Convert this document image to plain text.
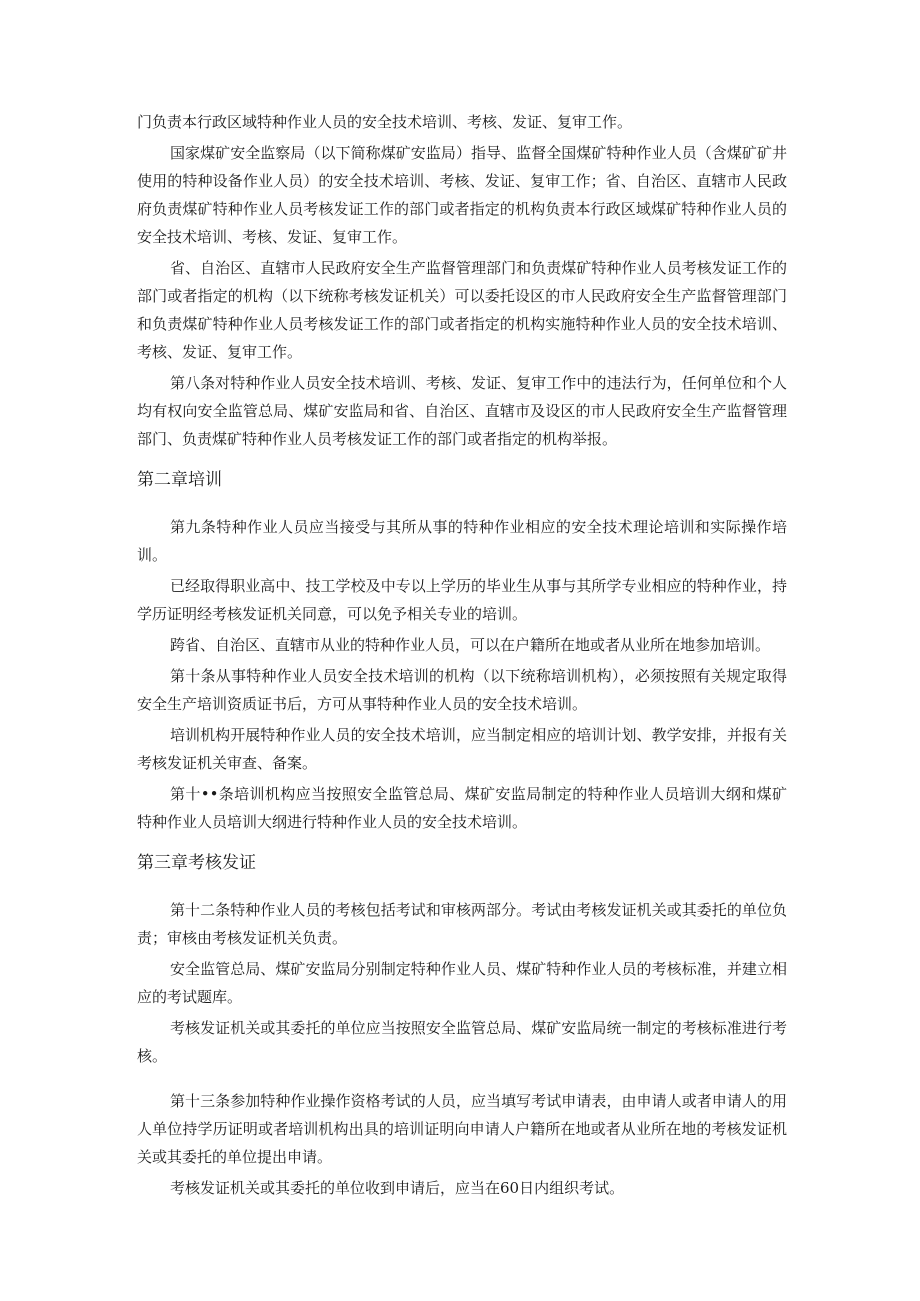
门负责本行政区域特种作业人员的安全技术培训、考核、发证、复审工作。

国家煤矿安全监察局（以下简称煤矿安监局）指导、监督全国煤矿特种作业人员（含煤矿矿井使用的特种设备作业人员）的安全技术培训、考核、发证、复审工作；省、自治区、直辖市人民政府负责煤矿特种作业人员考核发证工作的部门或者指定的机构负责本行政区域煤矿特种作业人员的安全技术培训、考核、发证、复审工作。

省、自治区、直辖市人民政府安全生产监督管理部门和负责煤矿特种作业人员考核发证工作的部门或者指定的机构（以下统称考核发证机关）可以委托设区的市人民政府安全生产监督管理部门和负责煤矿特种作业人员考核发证工作的部门或者指定的机构实施特种作业人员的安全技术培训、考核、发证、复审工作。

第八条对特种作业人员安全技术培训、考核、发证、复审工作中的违法行为，任何单位和个人均有权向安全监管总局、煤矿安监局和省、自治区、直辖市及设区的市人民政府安全生产监督管理部门、负责煤矿特种作业人员考核发证工作的部门或者指定的机构举报。

第二章培训

第九条特种作业人员应当接受与其所从事的特种作业相应的安全技术理论培训和实际操作培训。

已经取得职业高中、技工学校及中专以上学历的毕业生从事与其所学专业相应的特种作业，持学历证明经考核发证机关同意，可以免予相关专业的培训。

跨省、自治区、直辖市从业的特种作业人员，可以在户籍所在地或者从业所在地参加培训。

第十条从事特种作业人员安全技术培训的机构（以下统称培训机构），必须按照有关规定取得安全生产培训资质证书后，方可从事特种作业人员的安全技术培训。

培训机构开展特种作业人员的安全技术培训，应当制定相应的培训计划、教学安排，并报有关考核发证机关审查、备案。

第十••条培训机构应当按照安全监管总局、煤矿安监局制定的特种作业人员培训大纲和煤矿特种作业人员培训大纲进行特种作业人员的安全技术培训。

第三章考核发证

第十二条特种作业人员的考核包括考试和审核两部分。考试由考核发证机关或其委托的单位负责；审核由考核发证机关负责。

安全监管总局、煤矿安监局分别制定特种作业人员、煤矿特种作业人员的考核标准，并建立相应的考试题库。

考核发证机关或其委托的单位应当按照安全监管总局、煤矿安监局统一制定的考核标准进行考核。

第十三条参加特种作业操作资格考试的人员，应当填写考试申请表，由申请人或者申请人的用人单位持学历证明或者培训机构出具的培训证明向申请人户籍所在地或者从业所在地的考核发证机关或其委托的单位提出申请。

考核发证机关或其委托的单位收到申请后，应当在60日内组织考试。
